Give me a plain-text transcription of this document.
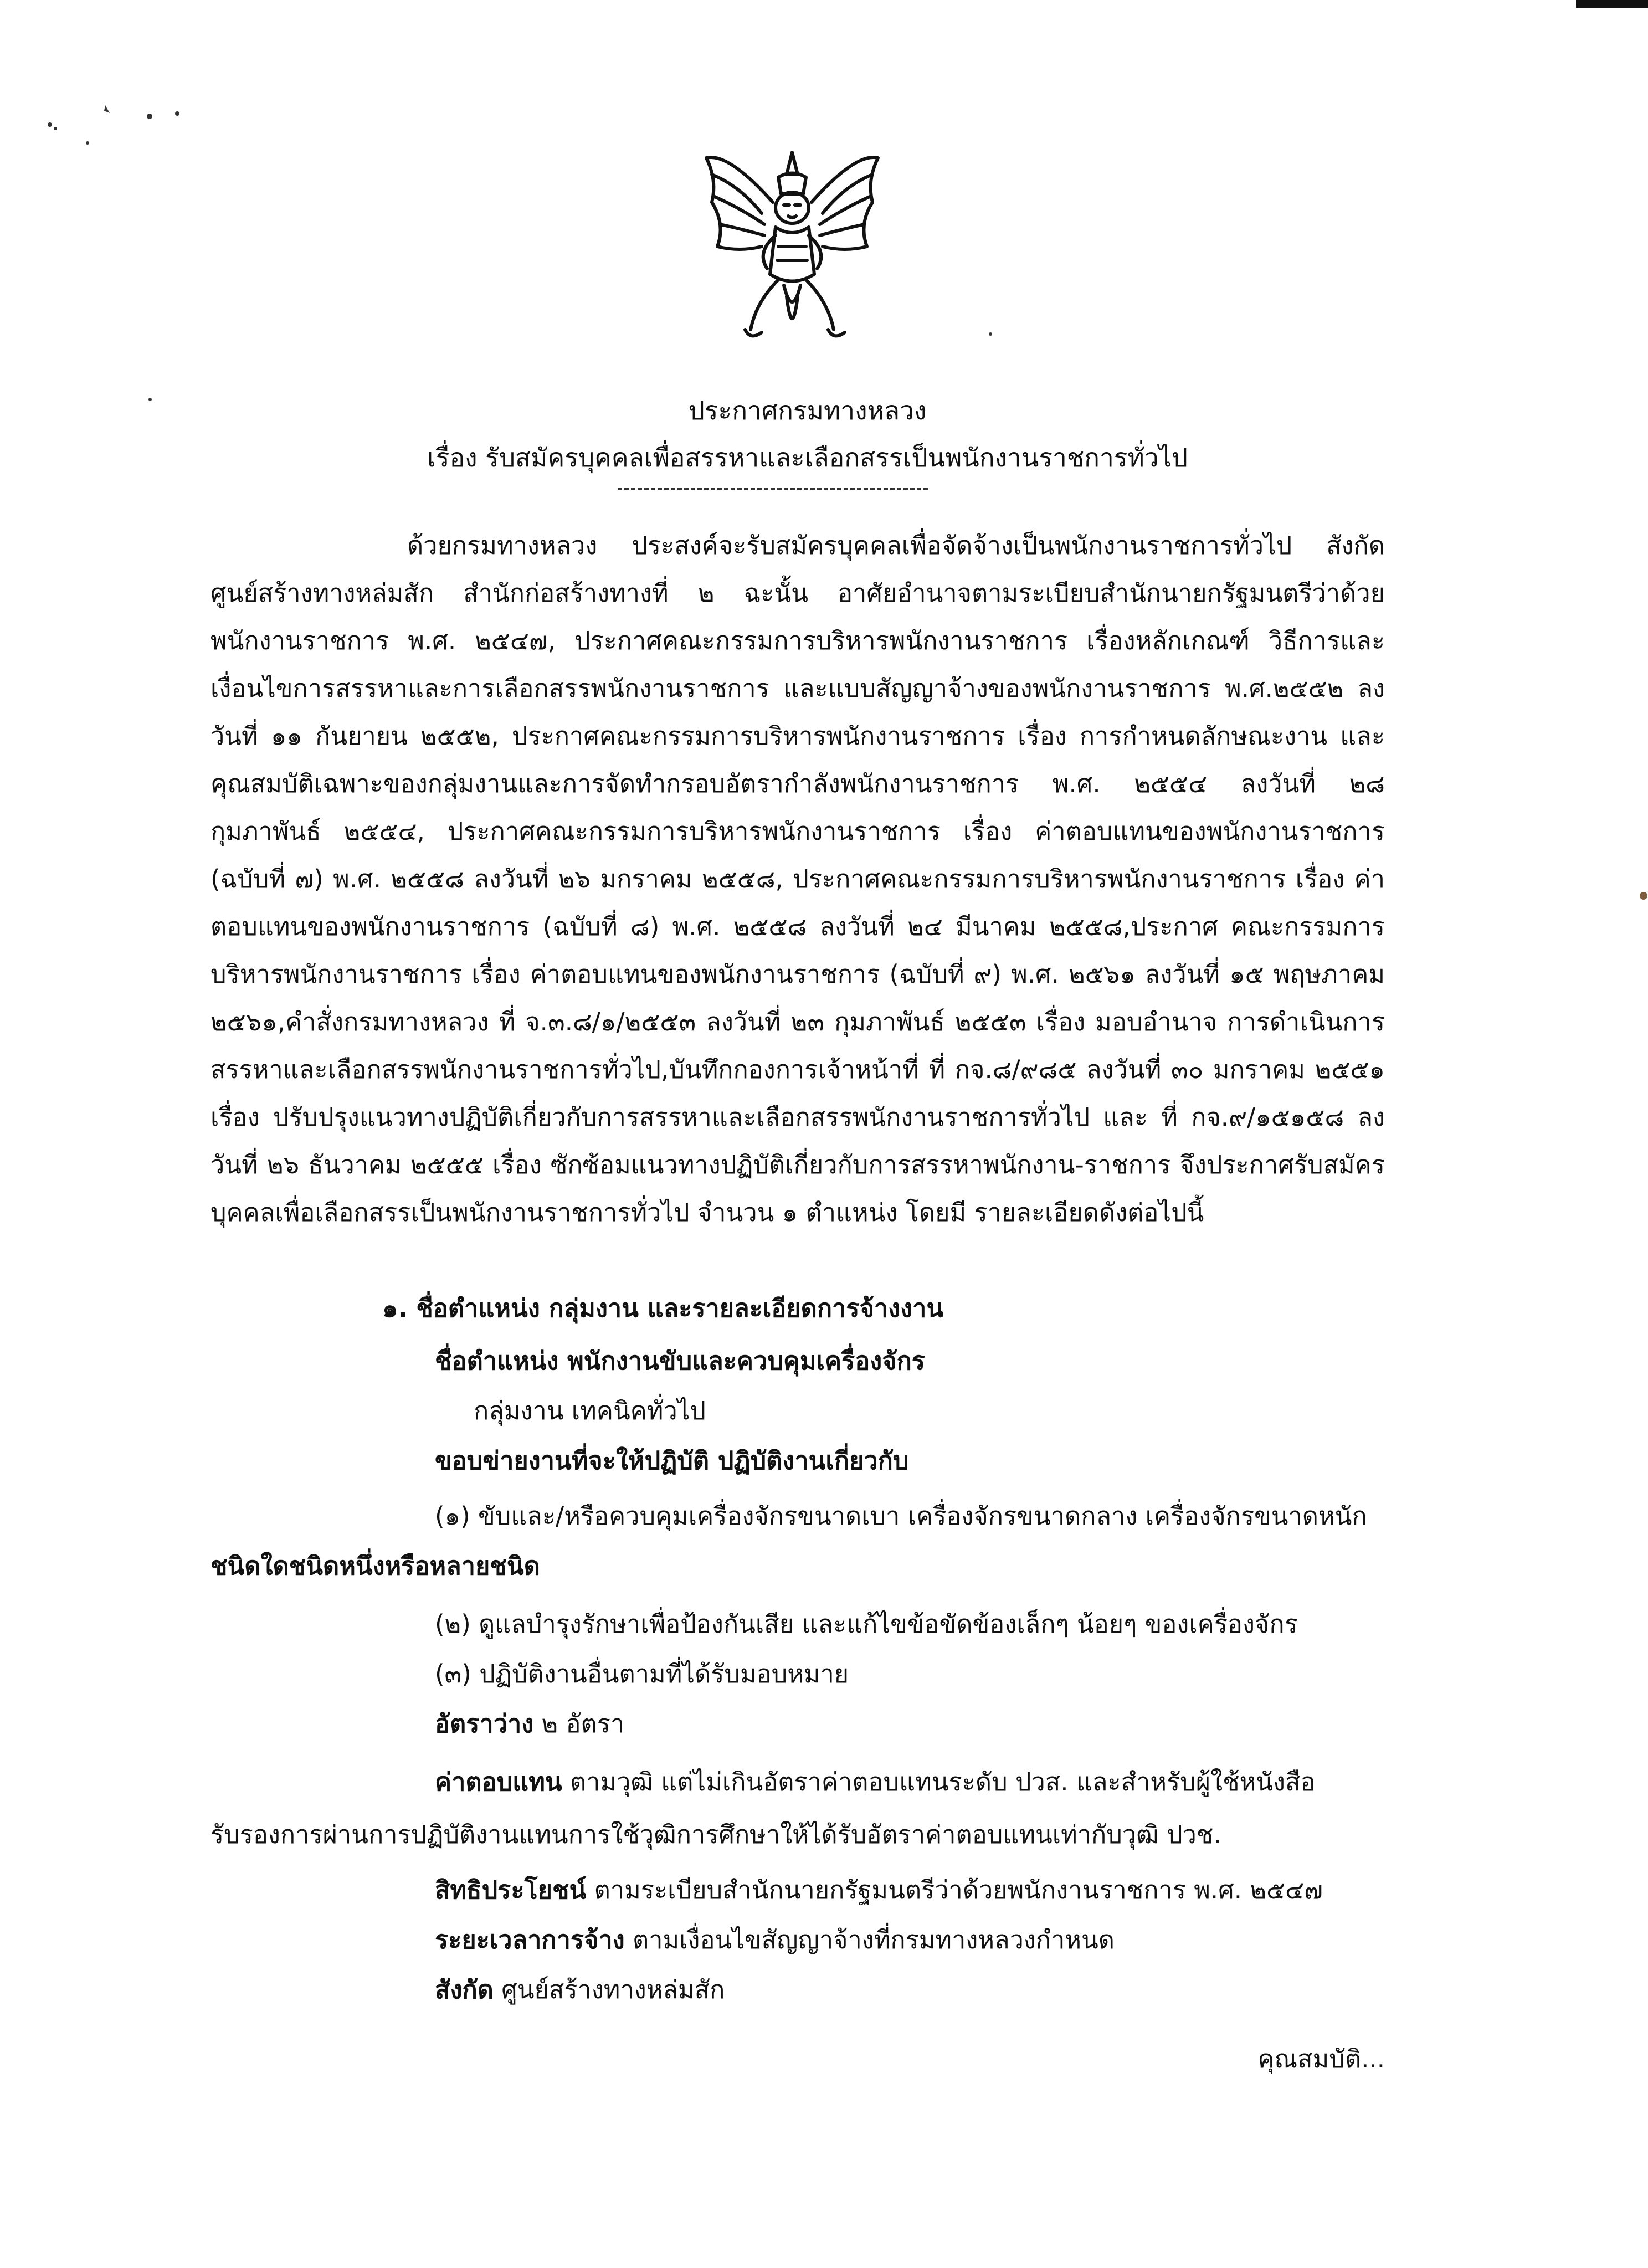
ประกาศกรมทางหลวง
เรื่อง รับสมัครบุคคลเพื่อสรรหาและเลือกสรรเป็นพนักงานราชการทั่วไป

ด้วยกรมทางหลวง ประสงค์จะรับสมัครบุคคลเพื่อจัดจ้างเป็นพนักงานราชการทั่วไป สังกัด ศูนย์สร้างทางหล่มสัก สำนักก่อสร้างทางที่ ๒ ฉะนั้น อาศัยอำนาจตามระเบียบสำนักนายกรัฐมนตรีว่าด้วย พนักงานราชการ พ.ศ. ๒๕๔๗, ประกาศคณะกรรมการบริหารพนักงานราชการ เรื่องหลักเกณฑ์ วิธีการและ เงื่อนไขการสรรหาและการเลือกสรรพนักงานราชการ และแบบสัญญาจ้างของพนักงานราชการ พ.ศ.๒๕๕๒ ลงวันที่ ๑๑ กันยายน ๒๕๕๒, ประกาศคณะกรรมการบริหารพนักงานราชการ เรื่อง การกำหนดลักษณะงาน และคุณสมบัติเฉพาะของกลุ่มงานและการจัดทำกรอบอัตรากำลังพนักงานราชการ พ.ศ. ๒๕๕๔ ลงวันที่ ๒๘ กุมภาพันธ์ ๒๕๕๔, ประกาศคณะกรรมการบริหารพนักงานราชการ เรื่อง ค่าตอบแทนของพนักงานราชการ (ฉบับที่ ๗) พ.ศ. ๒๕๕๘ ลงวันที่ ๒๖ มกราคม ๒๕๕๘, ประกาศคณะกรรมการบริหารพนักงานราชการ เรื่อง ค่าตอบแทนของพนักงานราชการ (ฉบับที่ ๘) พ.ศ. ๒๕๕๘ ลงวันที่ ๒๔ มีนาคม ๒๕๕๘,ประกาศ คณะกรรมการบริหารพนักงานราชการ เรื่อง ค่าตอบแทนของพนักงานราชการ (ฉบับที่ ๙) พ.ศ. ๒๕๖๑ ลงวันที่ ๑๕ พฤษภาคม ๒๕๖๑,คำสั่งกรมทางหลวง ที่ จ.๓.๘/๑/๒๕๕๓ ลงวันที่ ๒๓ กุมภาพันธ์ ๒๕๕๓ เรื่อง มอบอำนาจ การดำเนินการสรรหาและเลือกสรรพนักงานราชการทั่วไป,บันทึกกองการเจ้าหน้าที่ ที่ กจ.๘/๙๘๕ ลงวันที่ ๓๐ มกราคม ๒๕๕๑ เรื่อง ปรับปรุงแนวทางปฏิบัติเกี่ยวกับการสรรหาและเลือกสรรพนักงานราชการทั่วไป และ ที่ กจ.๙/๑๕๑๕๘ ลงวันที่ ๒๖ ธันวาคม ๒๕๕๕ เรื่อง ซักซ้อมแนวทางปฏิบัติเกี่ยวกับการสรรหาพนักงาน-ราชการ จึงประกาศรับสมัครบุคคลเพื่อเลือกสรรเป็นพนักงานราชการทั่วไป จำนวน ๑ ตำแหน่ง โดยมี รายละเอียดดังต่อไปนี้

๑. ชื่อตำแหน่ง กลุ่มงาน และรายละเอียดการจ้างงาน
ชื่อตำแหน่ง พนักงานขับและควบคุมเครื่องจักร
กลุ่มงาน เทคนิคทั่วไป
ขอบข่ายงานที่จะให้ปฏิบัติ ปฏิบัติงานเกี่ยวกับ
(๑) ขับและ/หรือควบคุมเครื่องจักรขนาดเบา เครื่องจักรขนาดกลาง เครื่องจักรขนาดหนัก
ชนิดใดชนิดหนึ่งหรือหลายชนิด
(๒) ดูแลบำรุงรักษาเพื่อป้องกันเสีย และแก้ไขข้อขัดข้องเล็กๆ น้อยๆ ของเครื่องจักร
(๓) ปฏิบัติงานอื่นตามที่ได้รับมอบหมาย
อัตราว่าง ๒ อัตรา
ค่าตอบแทน ตามวุฒิ แต่ไม่เกินอัตราค่าตอบแทนระดับ ปวส. และสำหรับผู้ใช้หนังสือ
รับรองการผ่านการปฏิบัติงานแทนการใช้วุฒิการศึกษาให้ได้รับอัตราค่าตอบแทนเท่ากับวุฒิ ปวช.
สิทธิประโยชน์ ตามระเบียบสำนักนายกรัฐมนตรีว่าด้วยพนักงานราชการ พ.ศ. ๒๕๔๗
ระยะเวลาการจ้าง ตามเงื่อนไขสัญญาจ้างที่กรมทางหลวงกำหนด
สังกัด ศูนย์สร้างทางหล่มสัก
คุณสมบัติ...
